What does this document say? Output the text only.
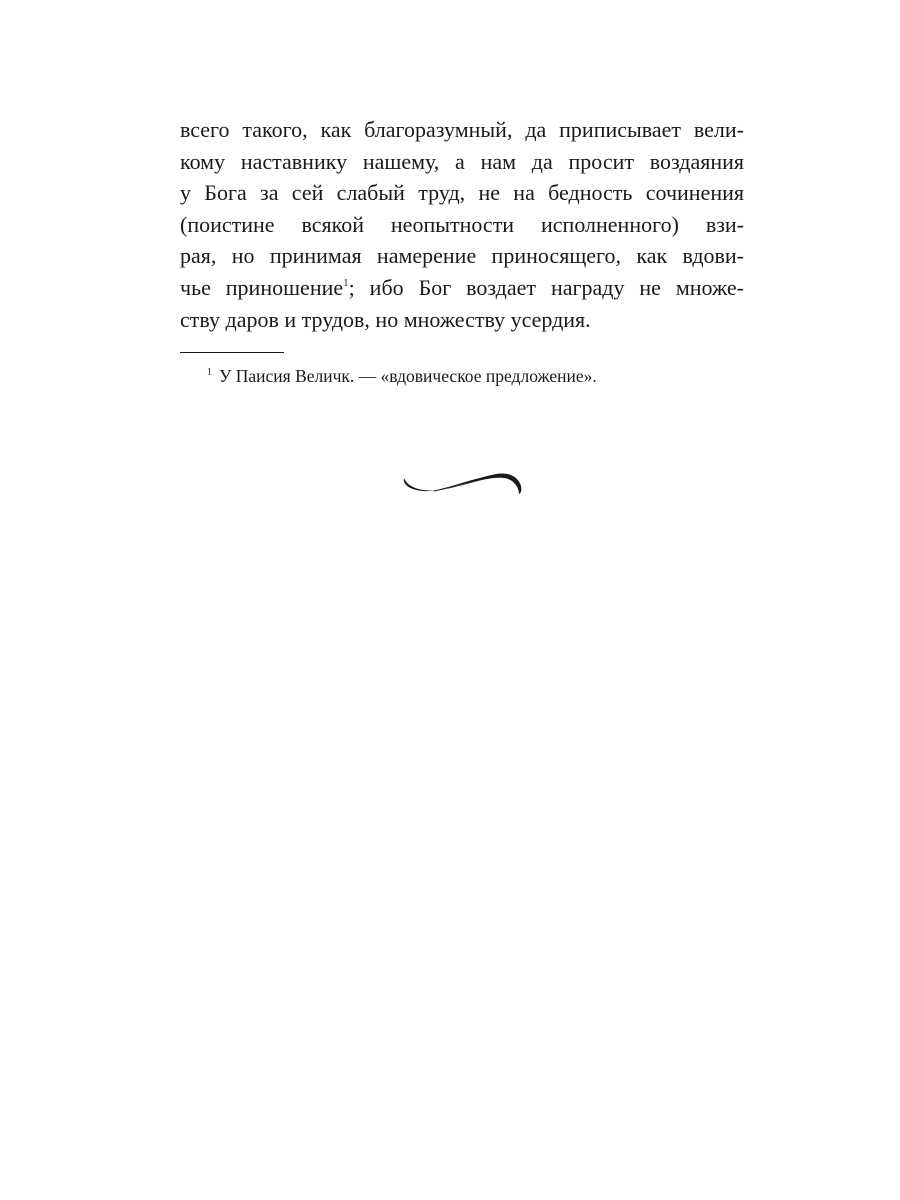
всего такого, как благоразумный, да приписывает вели-
кому наставнику нашему, а нам да просит воздаяния
у Бога за сей слабый труд, не на бедность сочинения
(поистине всякой неопытности исполненного) взи-
рая, но принимая намерение приносящего, как вдови-
чье приношение$^1$; ибо Бог воздает награду не множе-
ству даров и трудов, но множеству усердия.
$^1$ У Паисия Величк. — «вдовическое предложение».
